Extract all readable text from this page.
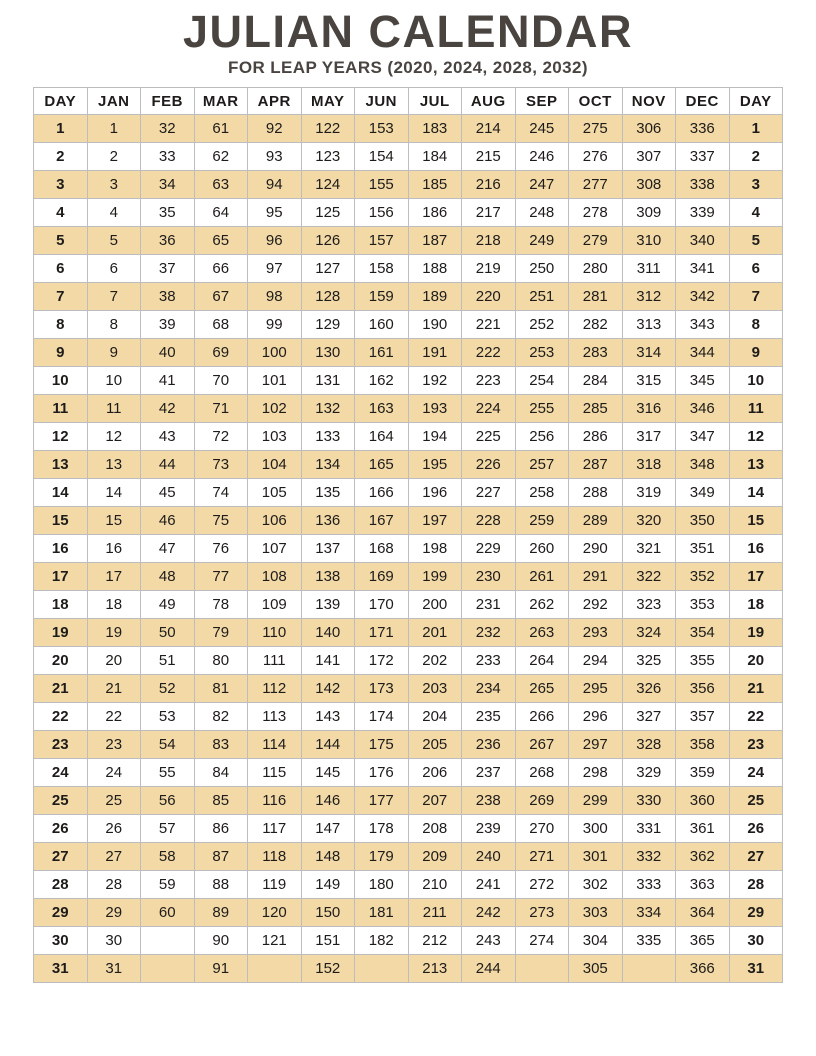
JULIAN CALENDAR
FOR LEAP YEARS (2020, 2024, 2028, 2032)
DAY	JAN	FEB	MAR	APR	MAY	JUN	JUL	AUG	SEP	OCT	NOV	DEC	DAY
1	1	32	61	92	122	153	183	214	245	275	306	336	1
2	2	33	62	93	123	154	184	215	246	276	307	337	2
3	3	34	63	94	124	155	185	216	247	277	308	338	3
4	4	35	64	95	125	156	186	217	248	278	309	339	4
5	5	36	65	96	126	157	187	218	249	279	310	340	5
6	6	37	66	97	127	158	188	219	250	280	311	341	6
7	7	38	67	98	128	159	189	220	251	281	312	342	7
8	8	39	68	99	129	160	190	221	252	282	313	343	8
9	9	40	69	100	130	161	191	222	253	283	314	344	9
10	10	41	70	101	131	162	192	223	254	284	315	345	10
11	11	42	71	102	132	163	193	224	255	285	316	346	11
12	12	43	72	103	133	164	194	225	256	286	317	347	12
13	13	44	73	104	134	165	195	226	257	287	318	348	13
14	14	45	74	105	135	166	196	227	258	288	319	349	14
15	15	46	75	106	136	167	197	228	259	289	320	350	15
16	16	47	76	107	137	168	198	229	260	290	321	351	16
17	17	48	77	108	138	169	199	230	261	291	322	352	17
18	18	49	78	109	139	170	200	231	262	292	323	353	18
19	19	50	79	110	140	171	201	232	263	293	324	354	19
20	20	51	80	111	141	172	202	233	264	294	325	355	20
21	21	52	81	112	142	173	203	234	265	295	326	356	21
22	22	53	82	113	143	174	204	235	266	296	327	357	22
23	23	54	83	114	144	175	205	236	267	297	328	358	23
24	24	55	84	115	145	176	206	237	268	298	329	359	24
25	25	56	85	116	146	177	207	238	269	299	330	360	25
26	26	57	86	117	147	178	208	239	270	300	331	361	26
27	27	58	87	118	148	179	209	240	271	301	332	362	27
28	28	59	88	119	149	180	210	241	272	302	333	363	28
29	29	60	89	120	150	181	211	242	273	303	334	364	29
30	30		90	121	151	182	212	243	274	304	335	365	30
31	31		91		152		213	244		305		366	31
